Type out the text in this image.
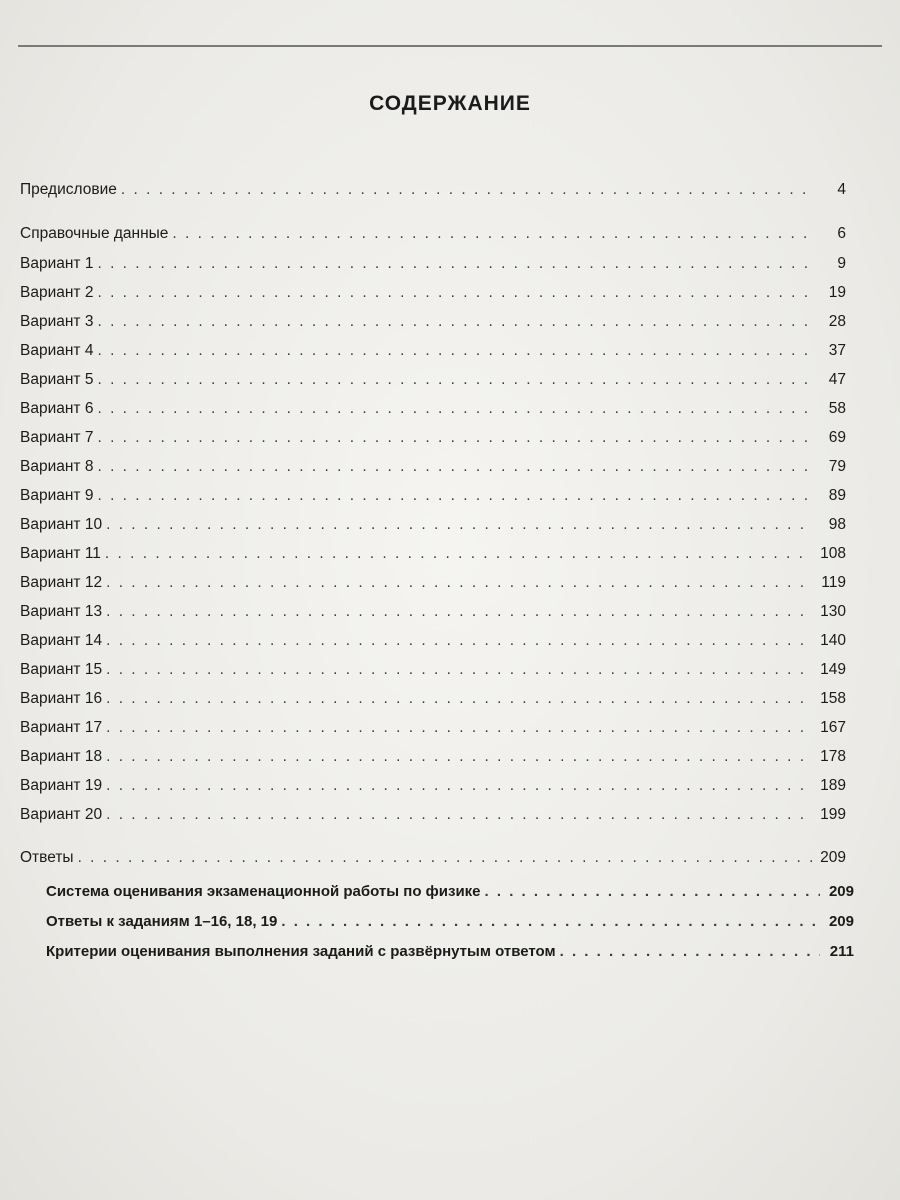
СОДЕРЖАНИЕ
Предисловие . . .	4
Справочные данные . . .	6
Вариант 1 . . .	9
Вариант 2 . . .	19
Вариант 3 . . .	28
Вариант 4 . . .	37
Вариант 5 . . .	47
Вариант 6 . . .	58
Вариант 7 . . .	69
Вариант 8 . . .	79
Вариант 9 . . .	89
Вариант 10 . . .	98
Вариант 11 . . .	108
Вариант 12 . . .	119
Вариант 13 . . .	130
Вариант 14 . . .	140
Вариант 15 . . .	149
Вариант 16 . . .	158
Вариант 17 . . .	167
Вариант 18 . . .	178
Вариант 19 . . .	189
Вариант 20 . . .	199
Ответы . . .	209
Система оценивания экзаменационной работы по физике . . .	209
Ответы к заданиям 1–16, 18, 19 . . .	209
Критерии оценивания выполнения заданий с развёрнутым ответом . . .	211
